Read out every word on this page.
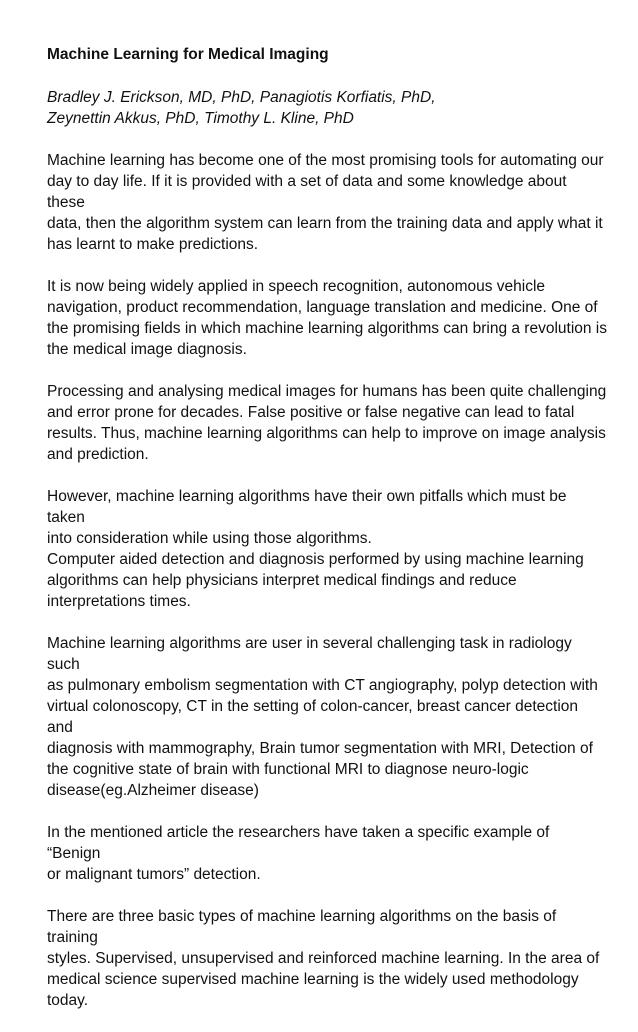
Machine Learning for Medical Imaging
Bradley J. Erickson, MD, PhD, Panagiotis Korfiatis, PhD,
Zeynettin Akkus, PhD, Timothy L. Kline, PhD
Machine learning has become one of the most promising tools for automating our
day to day life. If it is provided with a set of data and some knowledge about these
data, then the algorithm system can learn from the training data and apply what it
has learnt to make predictions.
It is now being widely applied in speech recognition, autonomous vehicle
navigation, product recommendation, language translation and medicine. One of
the promising fields in which machine learning algorithms can bring a revolution is
the medical image diagnosis.
Processing and analysing medical images for humans has been quite challenging
and error prone for decades. False positive or false negative can lead to fatal
results. Thus, machine learning algorithms can help to improve on image analysis
and prediction.
However, machine learning algorithms have their own pitfalls which must be taken
into consideration while using those algorithms.
Computer aided detection and diagnosis performed by using machine learning
algorithms can help physicians interpret medical findings and reduce
interpretations times.
Machine learning algorithms are user in several challenging task in radiology such
as pulmonary embolism segmentation with CT angiography, polyp detection with
virtual colonoscopy, CT in the setting of colon-cancer, breast cancer detection and
diagnosis with mammography, Brain tumor segmentation with MRI, Detection of
the cognitive state of brain with functional MRI to diagnose neuro-logic
disease(eg.Alzheimer disease)
In the mentioned article the researchers have taken a specific example of “Benign
or malignant tumors” detection.
There are three basic types of machine learning algorithms on the basis of training
styles. Supervised, unsupervised and reinforced machine learning. In the area of
medical science supervised machine learning is the widely used methodology
today.
